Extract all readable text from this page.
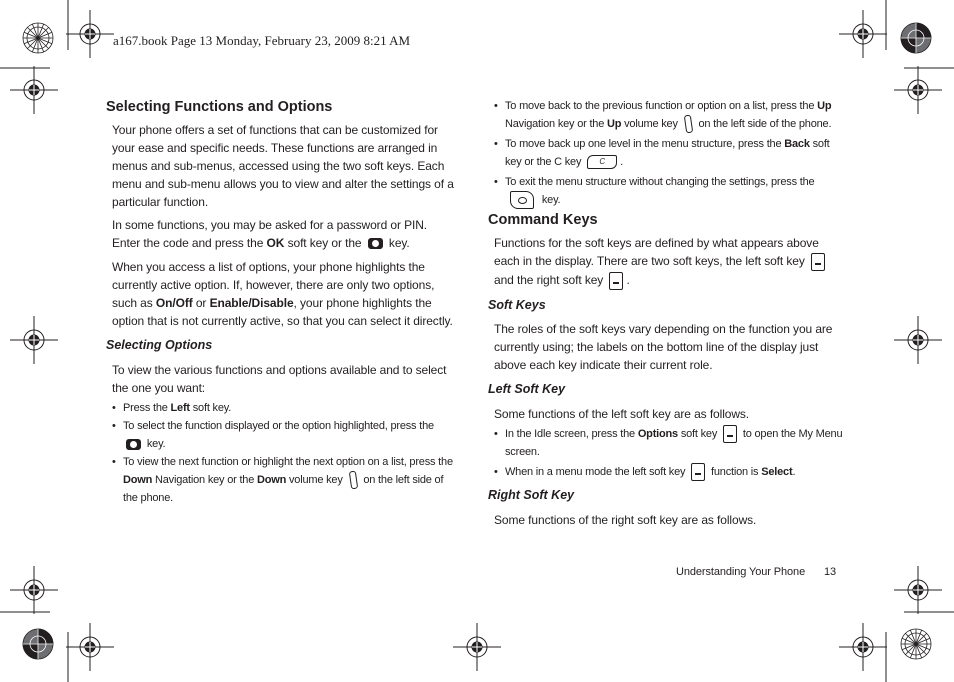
a167.book Page 13 Monday, February 23, 2009 8:21 AM
Selecting Functions and Options

Your phone offers a set of functions that can be customized for your ease and specific needs. These functions are arranged in menus and sub-menus, accessed using the two soft keys. Each menu and sub-menu allows you to view and alter the settings of a particular function.

In some functions, you may be asked for a password or PIN. Enter the code and press the OK soft key or the  key.

When you access a list of options, your phone highlights the currently active option. If, however, there are only two options, such as On/Off or Enable/Disable, your phone highlights the option that is not currently active, so that you can select it directly.

Selecting Options

To view the various functions and options available and to select the one you want:

• Press the Left soft key.
• To select the function displayed or the option highlighted, press the  key.
• To view the next function or highlight the next option on a list, press the Down Navigation key or the Down volume key  on the left side of the phone.
• To move back to the previous function or option on a list, press the Up Navigation key or the Up volume key  on the left side of the phone.
• To move back up one level in the menu structure, press the Back soft key or the C key C .
• To exit the menu structure without changing the settings, press the  key.
Command Keys

Functions for the soft keys are defined by what appears above each in the display. There are two soft keys, the left soft key  and the right soft key .

Soft Keys

The roles of the soft keys vary depending on the function you are currently using; the labels on the bottom line of the display just above each key indicate their current role.

Left Soft Key

Some functions of the left soft key are as follows.

• In the Idle screen, press the Options soft key  to open the My Menu screen.
• When in a menu mode the left soft key  function is Select.
Right Soft Key

Some functions of the right soft key are as follows.

Understanding Your Phone 13
